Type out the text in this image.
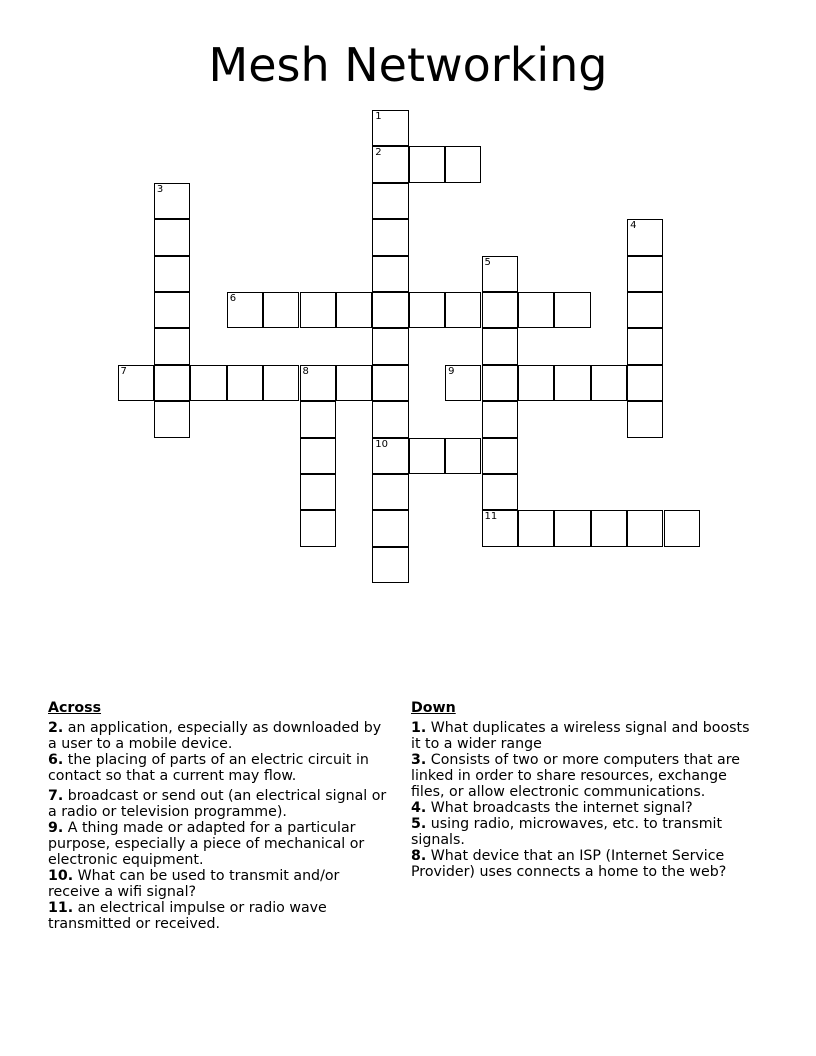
Mesh Networking
1
2
10
3
4
5
6
7	8	9
11
Across
2. an application, especially as downloaded by a user to a mobile device.
6. the placing of parts of an electric circuit in contact so that a current may flow.
7. broadcast or send out (an electrical signal or a radio or television programme).
9. A thing made or adapted for a particular purpose, especially a piece of mechanical or electronic equipment.
10. What can be used to transmit and/or receive a wifi signal?
11. an electrical impulse or radio wave transmitted or received.
Down
1. What duplicates a wireless signal and boosts it to a wider range
3. Consists of two or more computers that are linked in order to share resources, exchange files, or allow electronic communications.
4. What broadcasts the internet signal?
5. using radio, microwaves, etc. to transmit signals.
8. What device that an ISP (Internet Service Provider) uses connects a home to the web?
